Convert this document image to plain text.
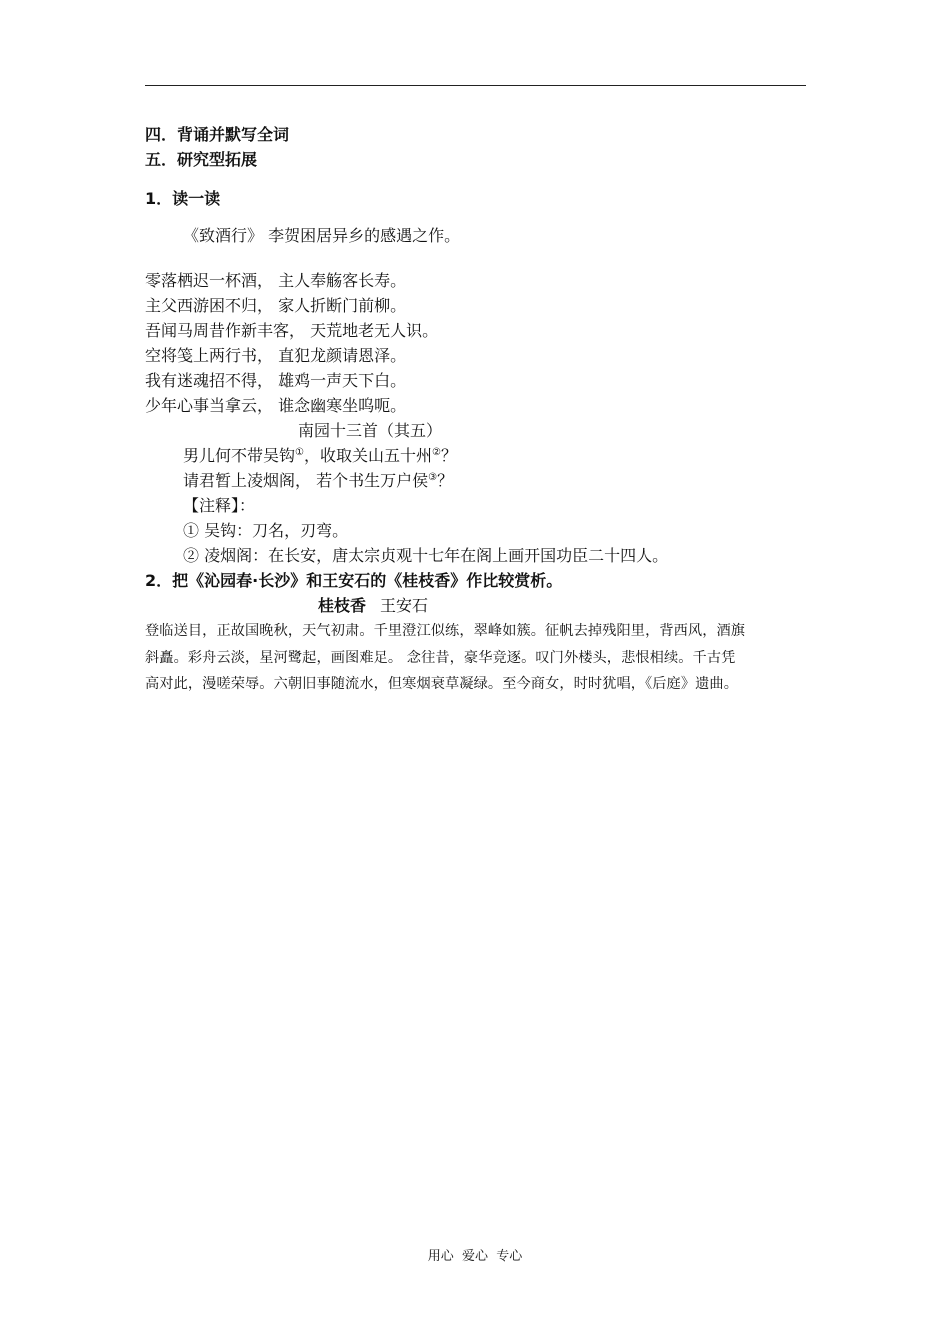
四．背诵并默写全词
五．研究型拓展
1．读一读
《致酒行》 李贺困居异乡的感遇之作。
零落栖迟一杯酒， 主人奉觞客长寿。
主父西游困不归， 家人折断门前柳。
吾闻马周昔作新丰客， 天荒地老无人识。
空将笺上两行书， 直犯龙颜请恩泽。
我有迷魂招不得， 雄鸡一声天下白。
少年心事当拿云， 谁念幽寒坐呜呃。
南园十三首（其五）
男儿何不带吴钩①，收取关山五十州②？
请君暂上凌烟阁， 若个书生万户侯③？
【注释】：
① 吴钩：刀名，刃弯。
② 凌烟阁：在长安，唐太宗贞观十七年在阁上画开国功臣二十四人。
2．把《沁园春·长沙》和王安石的《桂枝香》作比较赏析。
桂枝香 王安石
登临送目，正故国晚秋，天气初肃。千里澄江似练，翠峰如簇。征帆去掉残阳里，背西风，酒旗
斜矗。彩舟云淡，星河鹭起，画图难足。 念往昔，豪华竞逐。叹门外楼头，悲恨相续。千古凭
高对此，漫嗟荣辱。六朝旧事随流水，但寒烟衰草凝绿。至今商女，时时犹唱，《后庭》遗曲。
用心  爱心  专心
